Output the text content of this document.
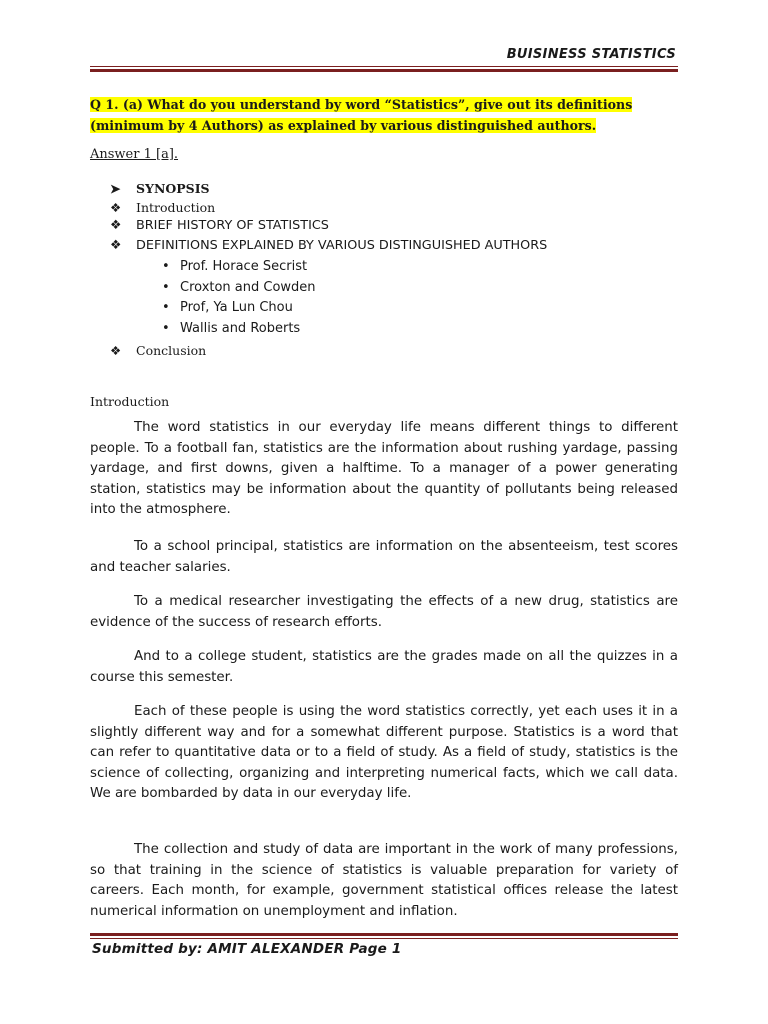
BUISINESS STATISTICS
Q 1. (a) What do you understand by word “Statistics”, give out its definitions (minimum by 4 Authors) as explained by various distinguished authors.
Answer 1 [a].
➤ SYNOPSIS
❖ Introduction
❖ BRIEF HISTORY OF STATISTICS
❖ DEFINITIONS EXPLAINED BY VARIOUS DISTINGUISHED AUTHORS
• Prof. Horace Secrist
• Croxton and Cowden
• Prof, Ya Lun Chou
• Wallis and Roberts
❖ Conclusion
Introduction

The word statistics in our everyday life means different things to different people. To a football fan, statistics are the information about rushing yardage, passing yardage, and first downs, given a halftime. To a manager of a power generating station, statistics may be information about the quantity of pollutants being released into the atmosphere.

To a school principal, statistics are information on the absenteeism, test scores and teacher salaries.

To a medical researcher investigating the effects of a new drug, statistics are evidence of the success of research efforts.

And to a college student, statistics are the grades made on all the quizzes in a course this semester.

Each of these people is using the word statistics correctly, yet each uses it in a slightly different way and for a somewhat different purpose. Statistics is a word that can refer to quantitative data or to a field of study. As a field of study, statistics is the science of collecting, organizing and interpreting numerical facts, which we call data. We are bombarded by data in our everyday life.

The collection and study of data are important in the work of many professions, so that training in the science of statistics is valuable preparation for variety of careers. Each month, for example, government statistical offices release the latest numerical information on unemployment and inflation.

Submitted by: AMIT ALEXANDER Page 1
